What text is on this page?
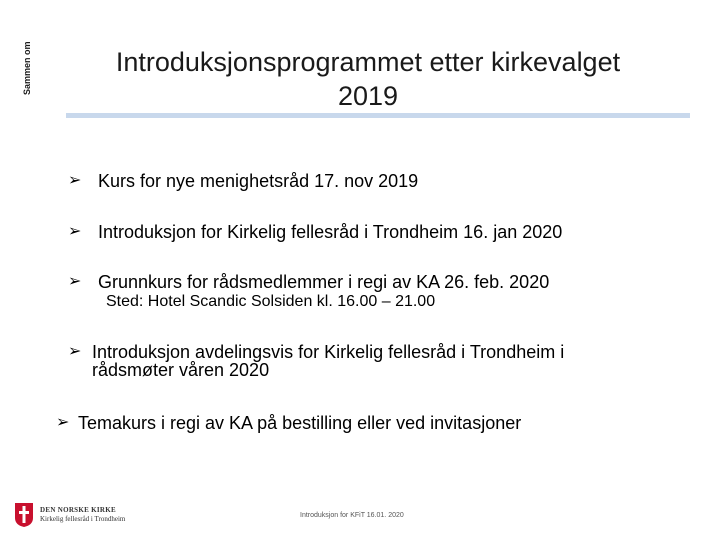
Sammen om	Introduksjonsprogrammet etter kirkevalget
2019
➢ Kurs for nye menighetsråd 17. nov 2019
➢ Introduksjon for Kirkelig fellesråd i Trondheim 16. jan 2020
➢ Grunnkurs for rådsmedlemmer i regi av KA 26. feb. 2020
Sted: Hotel Scandic Solsiden kl. 16.00 – 21.00
➢ Introduksjon avdelingsvis for Kirkelig fellesråd i Trondheim i
rådsmøter våren 2020
➢ Temakurs i regi av KA på bestilling eller ved invitasjoner
DEN NORSKE KIRKE
Kirkelig fellesråd i Trondheim	Introduksjon for KFiT 16.01. 2020
